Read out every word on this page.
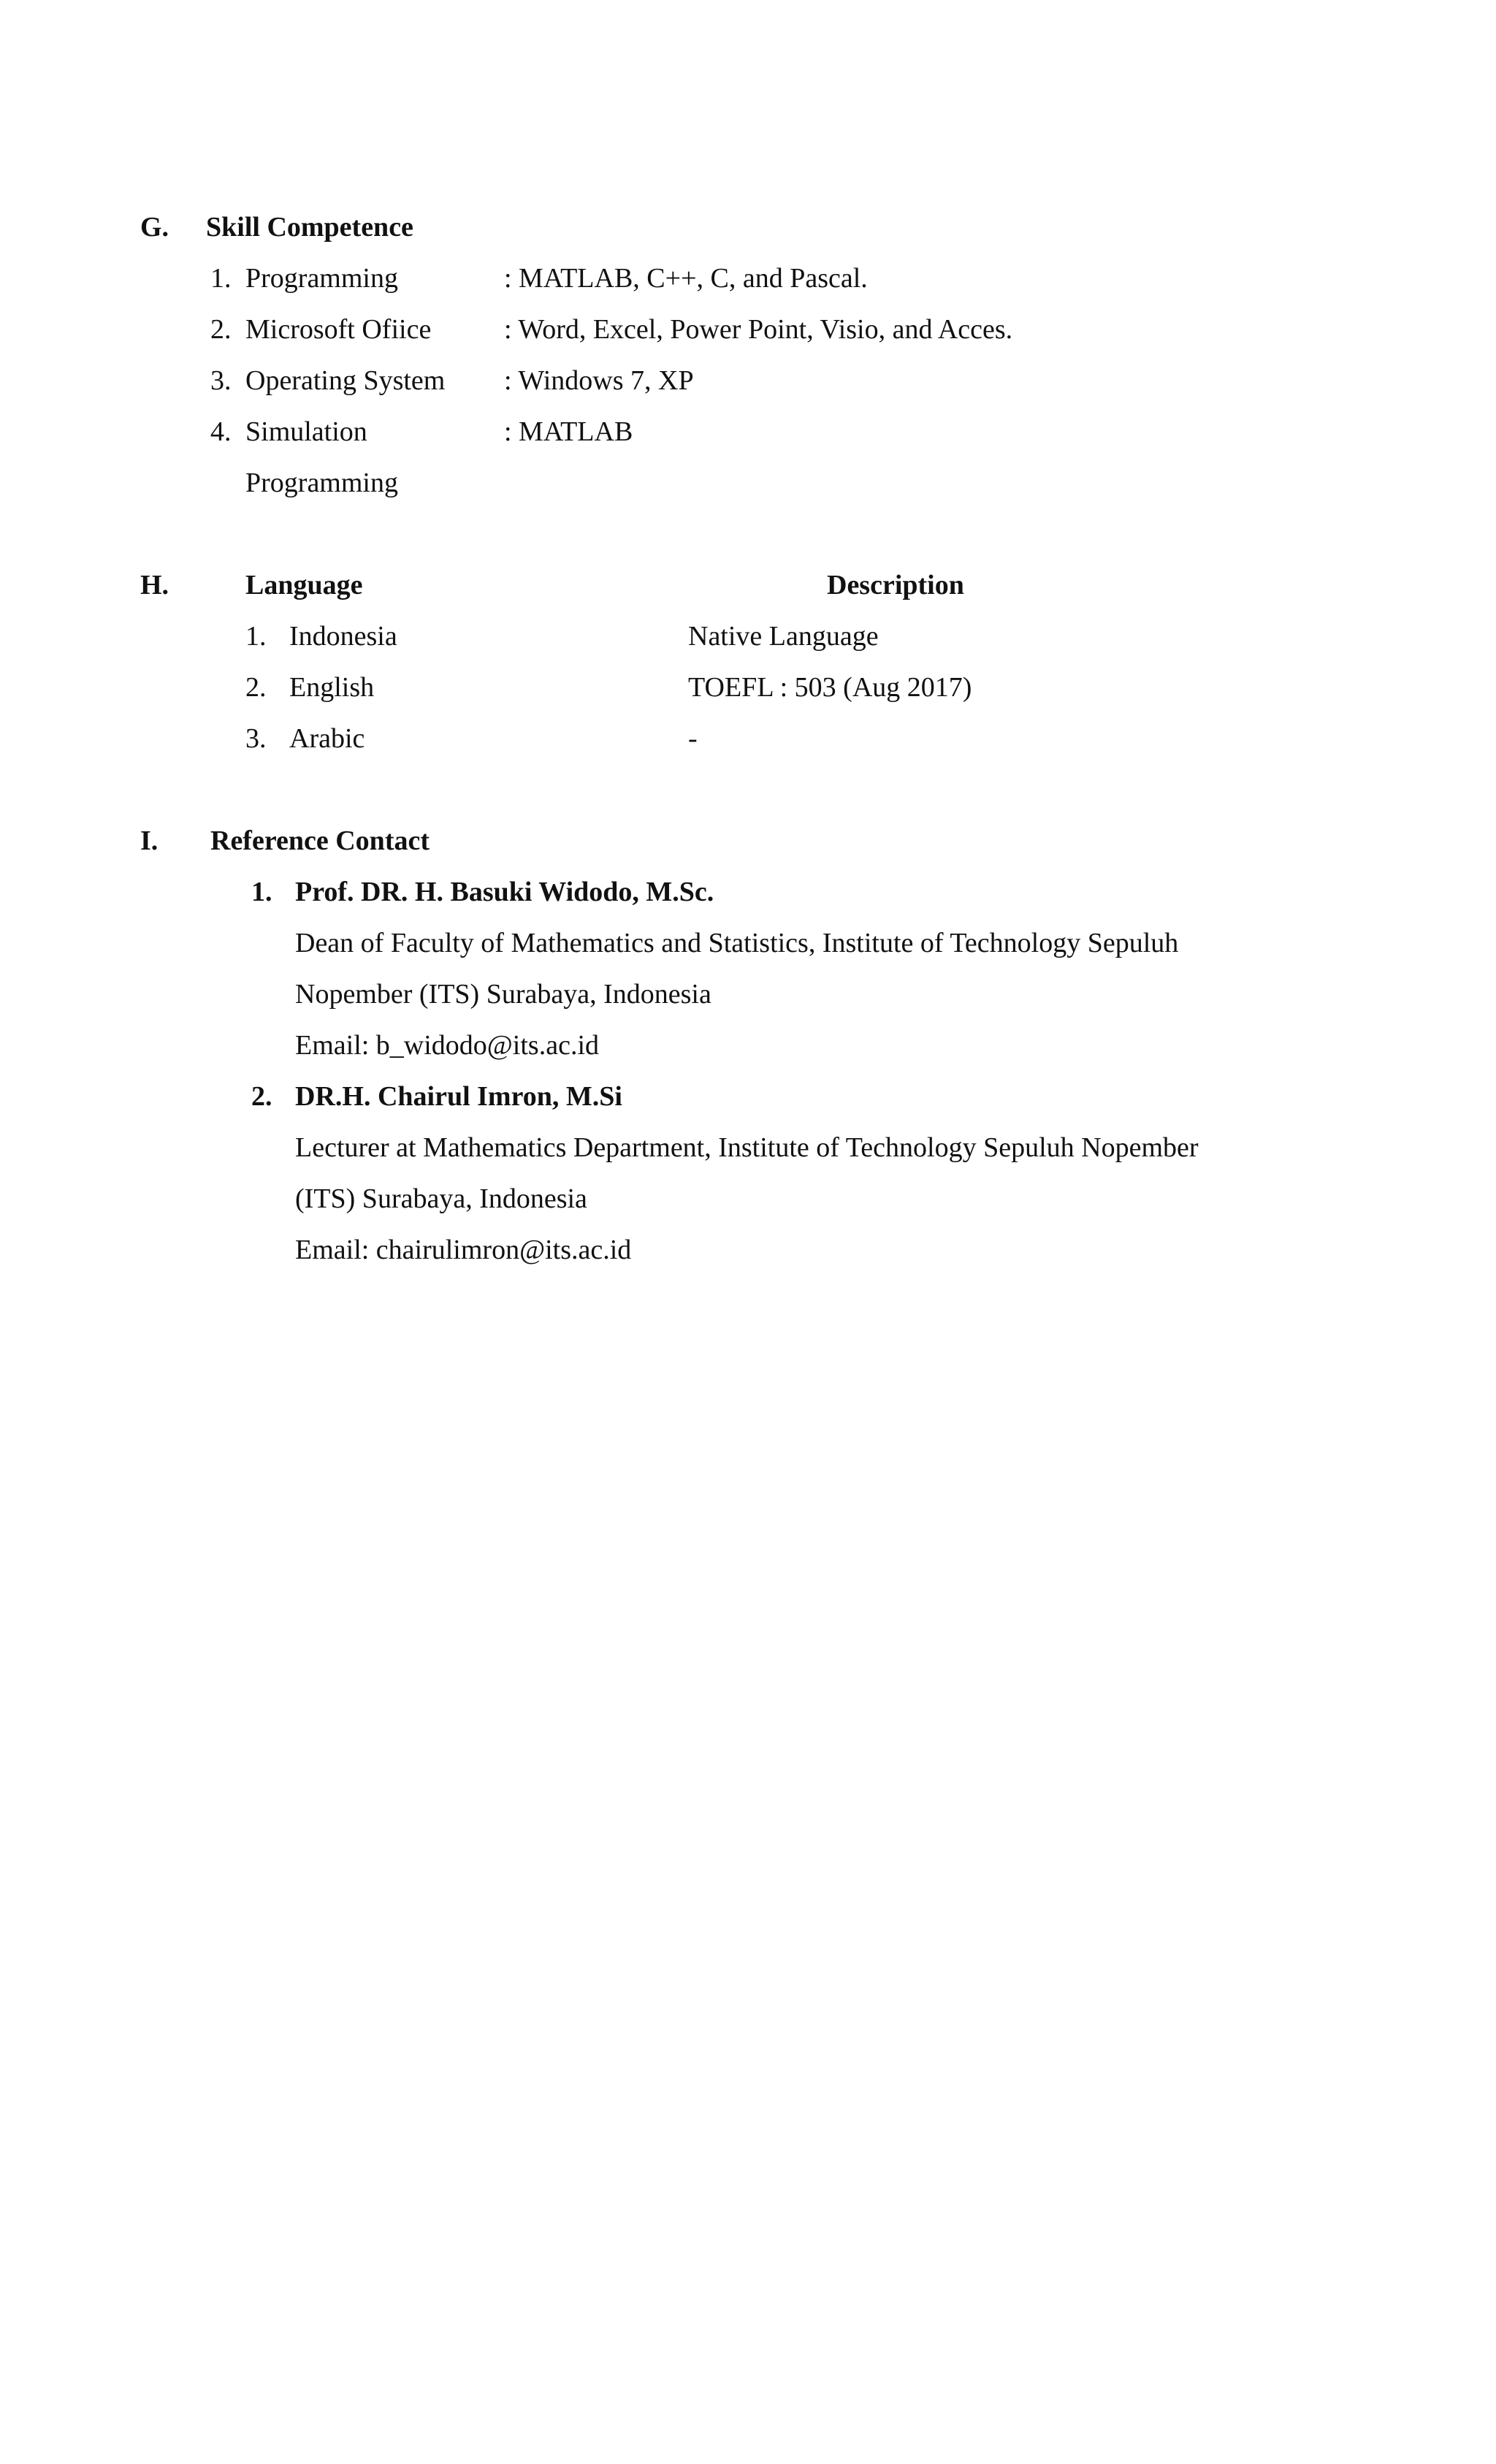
G. Skill Competence
1. Programming	: MATLAB, C++, C, and Pascal.
2. Microsoft Ofiice	: Word, Excel, Power Point, Visio, and Acces.
3. Operating System : Windows 7, XP
4. Simulation	: MATLAB
Programming
H.	Language	Description
1. Indonesia	Native Language
2. English	TOEFL : 503 (Aug 2017)
3. Arabic	-
I. Reference Contact
1. Prof. DR. H. Basuki Widodo, M.Sc.
Dean of Faculty of Mathematics and Statistics, Institute of Technology Sepuluh
Nopember (ITS) Surabaya, Indonesia
Email: b_widodo@its.ac.id
2. DR.H. Chairul Imron, M.Si
Lecturer at Mathematics Department, Institute of Technology Sepuluh Nopember
(ITS) Surabaya, Indonesia
Email: chairulimron@its.ac.id
